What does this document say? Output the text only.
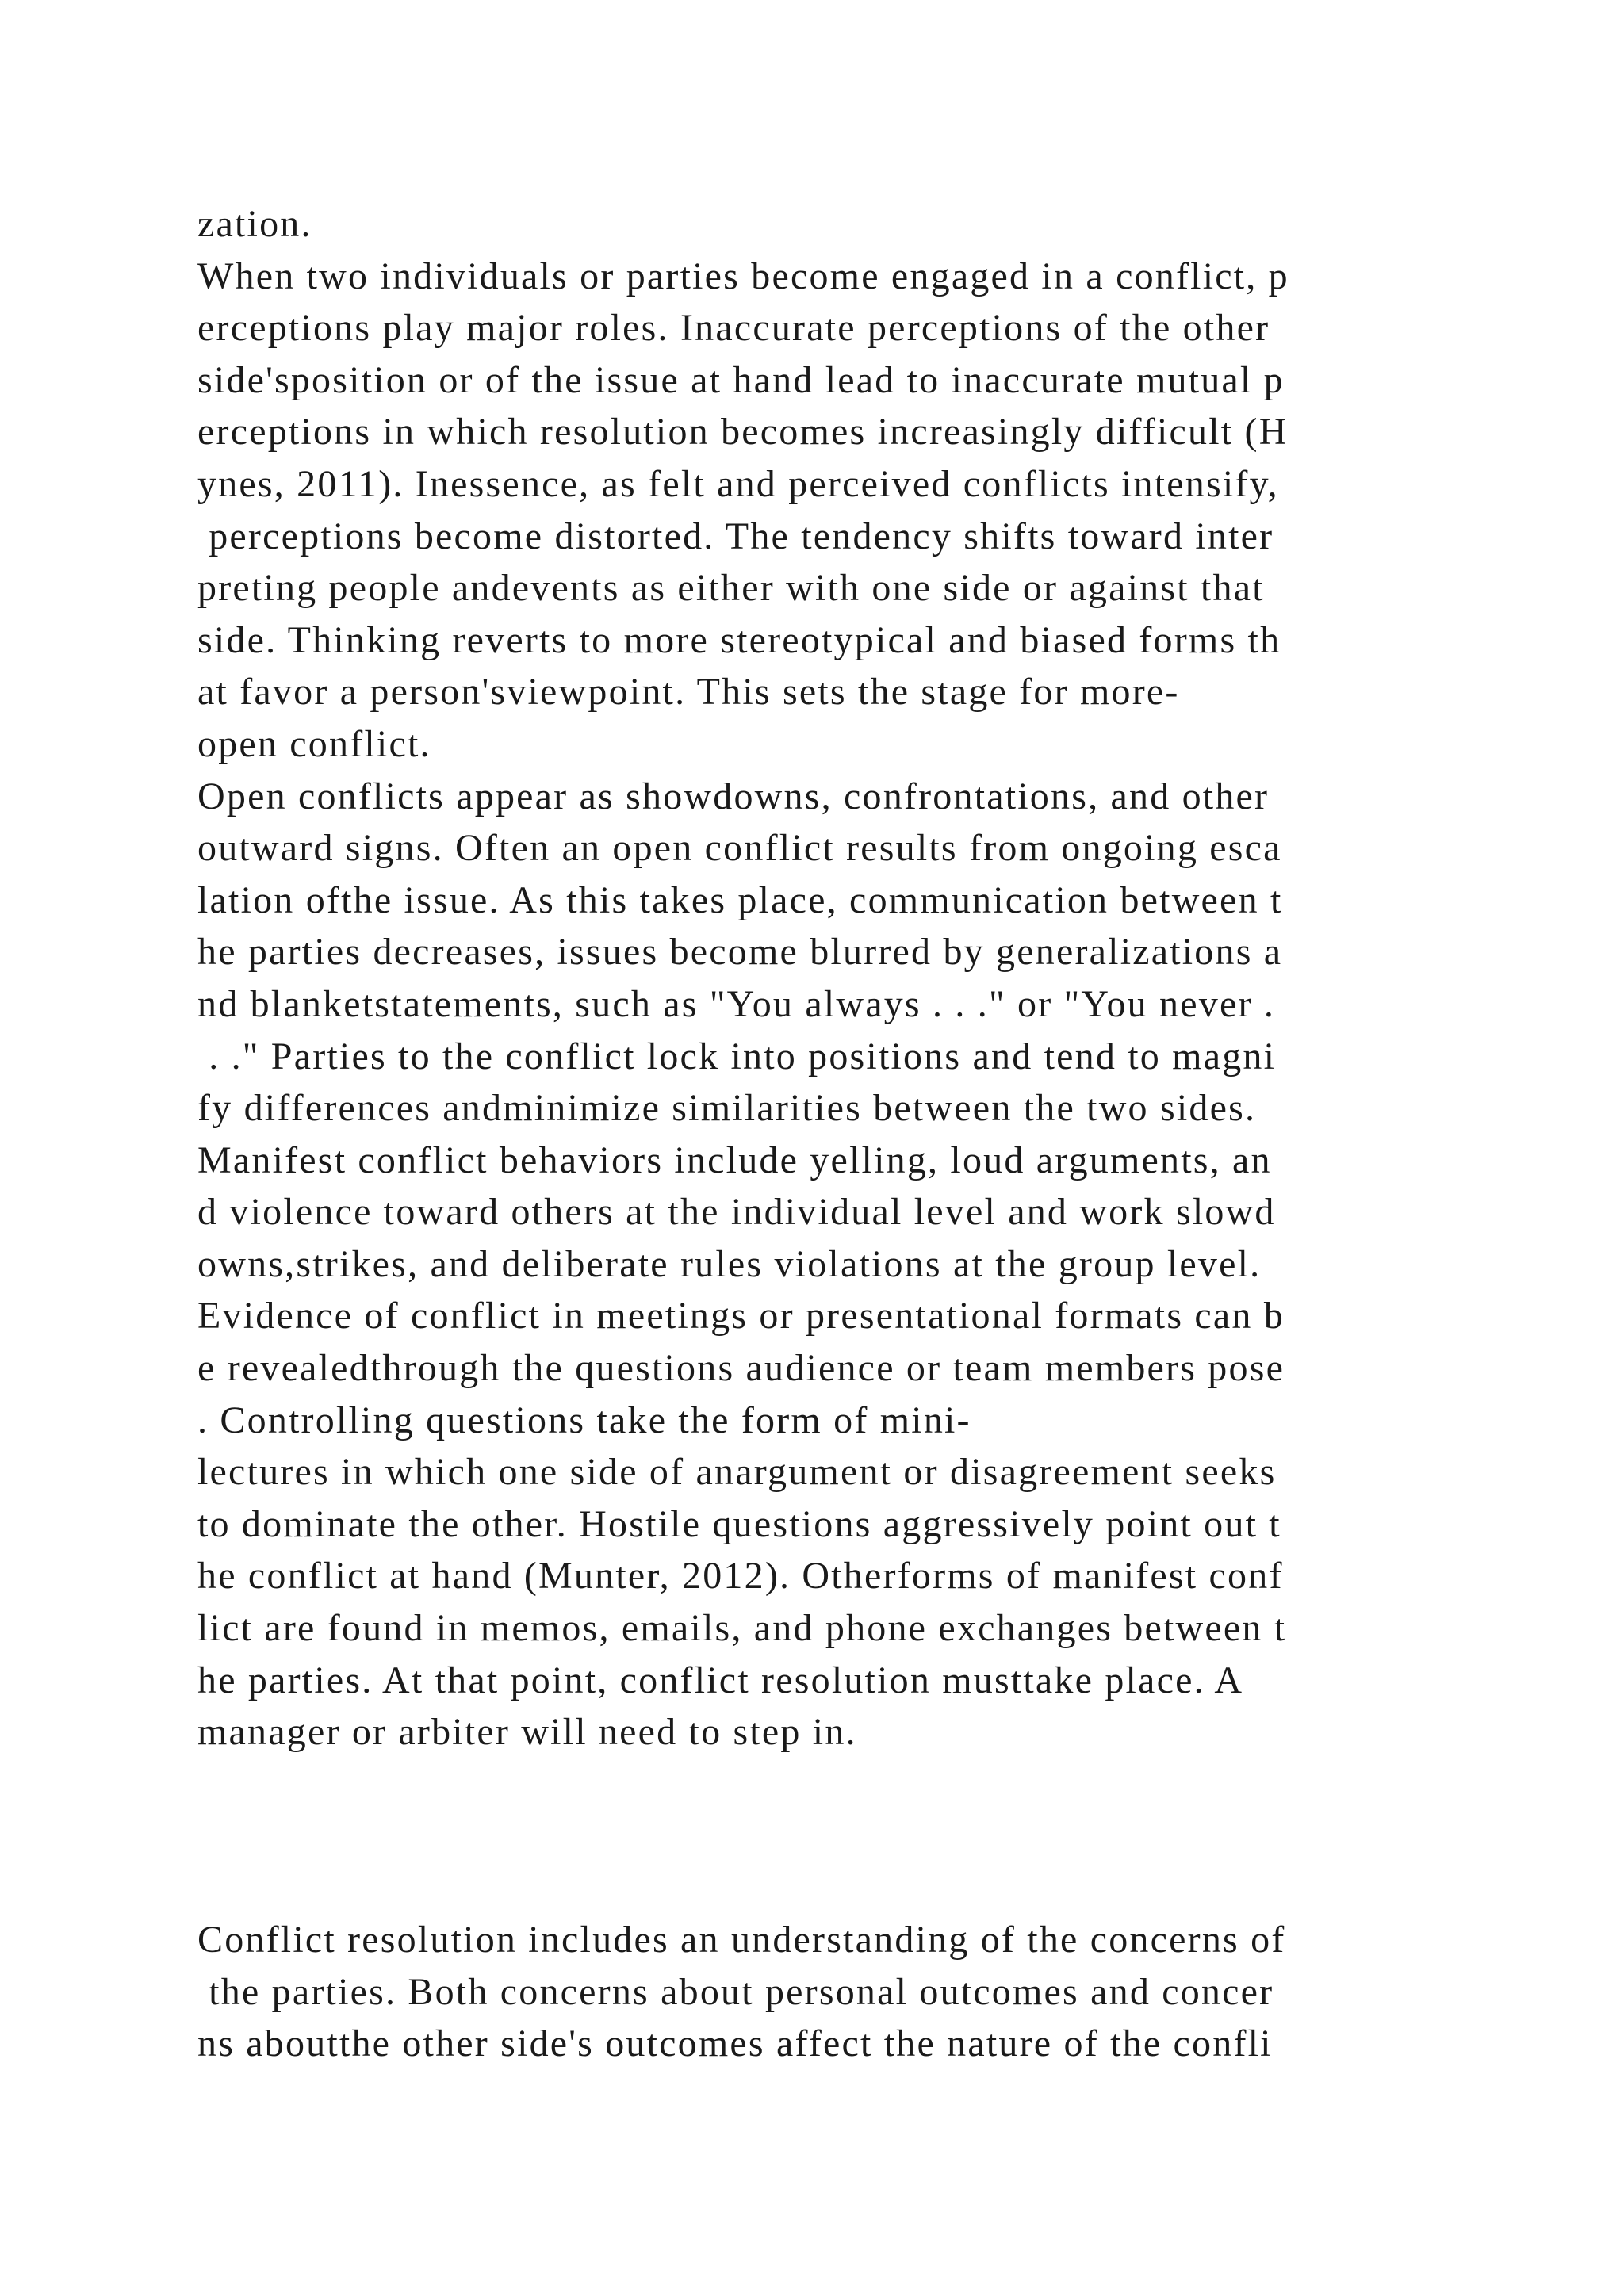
zation.
When two individuals or parties become engaged in a conflict, p
erceptions play major roles. Inaccurate perceptions of the other
side'sposition or of the issue at hand lead to inaccurate mutual p
erceptions in which resolution becomes increasingly difficult (H
ynes, 2011). Inessence, as felt and perceived conflicts intensify,
perceptions become distorted. The tendency shifts toward inter
preting people andevents as either with one side or against that
side. Thinking reverts to more stereotypical and biased forms th
at favor a person'sviewpoint. This sets the stage for more-
open conflict.
Open conflicts appear as showdowns, confrontations, and other
outward signs. Often an open conflict results from ongoing esca
lation ofthe issue. As this takes place, communication between t
he parties decreases, issues become blurred by generalizations a
nd blanketstatements, such as "You always . . ." or "You never .
. ." Parties to the conflict lock into positions and tend to magni
fy differences andminimize similarities between the two sides.
Manifest conflict behaviors include yelling, loud arguments, an
d violence toward others at the individual level and work slowd
owns,strikes, and deliberate rules violations at the group level.
Evidence of conflict in meetings or presentational formats can b
e revealedthrough the questions audience or team members pose
. Controlling questions take the form of mini-
lectures in which one side of anargument or disagreement seeks
to dominate the other. Hostile questions aggressively point out t
he conflict at hand (Munter, 2012). Otherforms of manifest conf
lict are found in memos, emails, and phone exchanges between t
he parties. At that point, conflict resolution musttake place. A
manager or arbiter will need to step in.
Conflict resolution includes an understanding of the concerns of
the parties. Both concerns about personal outcomes and concer
ns aboutthe other side's outcomes affect the nature of the confli
